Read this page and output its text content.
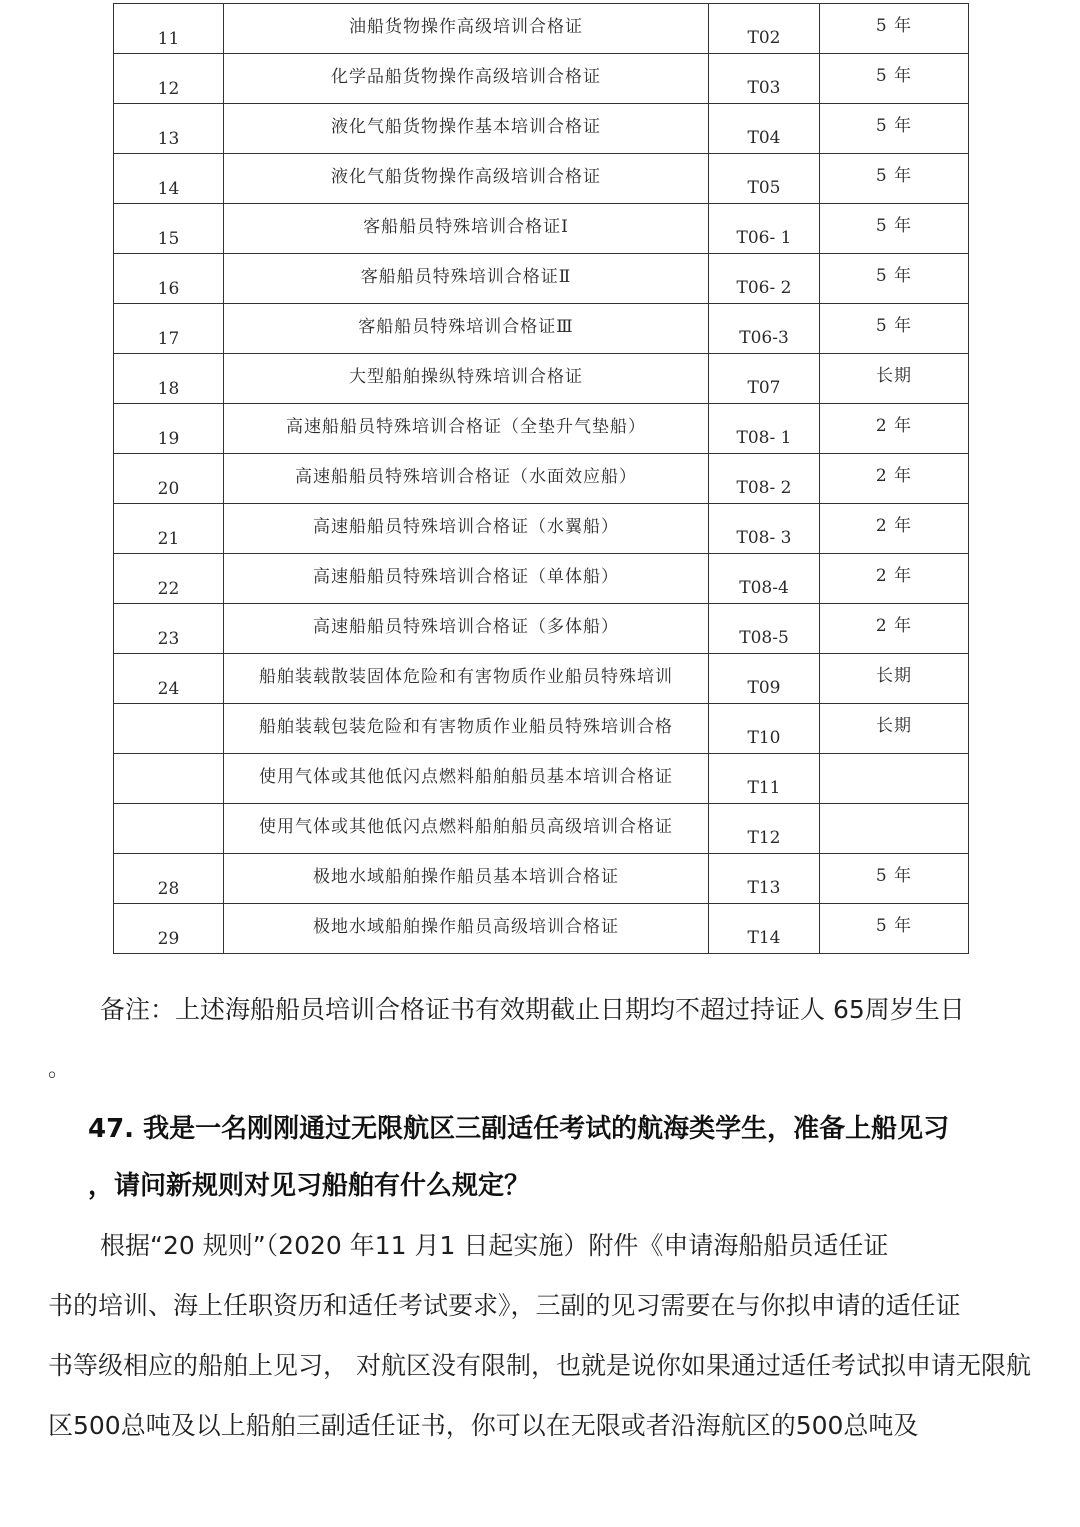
11	油船货物操作高级培训合格证	T02	5 年

12	化学品船货物操作高级培训合格证	T03	5 年

13	液化气船货物操作基本培训合格证	T04	5 年

14	液化气船货物操作高级培训合格证	T05	5 年

15	客船船员特殊培训合格证Ⅰ	T06- 1	5 年

16	客船船员特殊培训合格证Ⅱ	T06- 2	5 年

17	客船船员特殊培训合格证Ⅲ	T06-3	5 年

18	大型船舶操纵特殊培训合格证	T07	长期

19	高速船船员特殊培训合格证（全垫升气垫船）	T08- 1	2 年

20	高速船船员特殊培训合格证（水面效应船）	T08- 2	2 年

21	高速船船员特殊培训合格证（水翼船）	T08- 3	2 年

22	高速船船员特殊培训合格证（单体船）	T08-4	2 年

23	高速船船员特殊培训合格证（多体船）	T08-5	2 年

24	船舶装载散装固体危险和有害物质作业船员特殊培训	T09	长期

	船舶装载包装危险和有害物质作业船员特殊培训合格	T10	长期

	使用气体或其他低闪点燃料船舶船员基本培训合格证	T11	

	使用气体或其他低闪点燃料船舶船员高级培训合格证	T12	

28	极地水域船舶操作船员基本培训合格证	T13	5 年

29	极地水域船舶操作船员高级培训合格证	T14	5 年
备注：上述海船船员培训合格证书有效期截止日期均不超过持证人 65周岁生日
。
47. 我是一名刚刚通过无限航区三副适任考试的航海类学生，准备上船见习
，请问新规则对见习船舶有什么规定？
根据“20 规则”（2020 年11 月1 日起实施）附件《申请海船船员适任证
书的培训、海上任职资历和适任考试要求》，三副的见习需要在与你拟申请的适任证
书等级相应的船舶上见习， 对航区没有限制，也就是说你如果通过适任考试拟申请无限航
区500总吨及以上船舶三副适任证书，你可以在无限或者沿海航区的500总吨及
